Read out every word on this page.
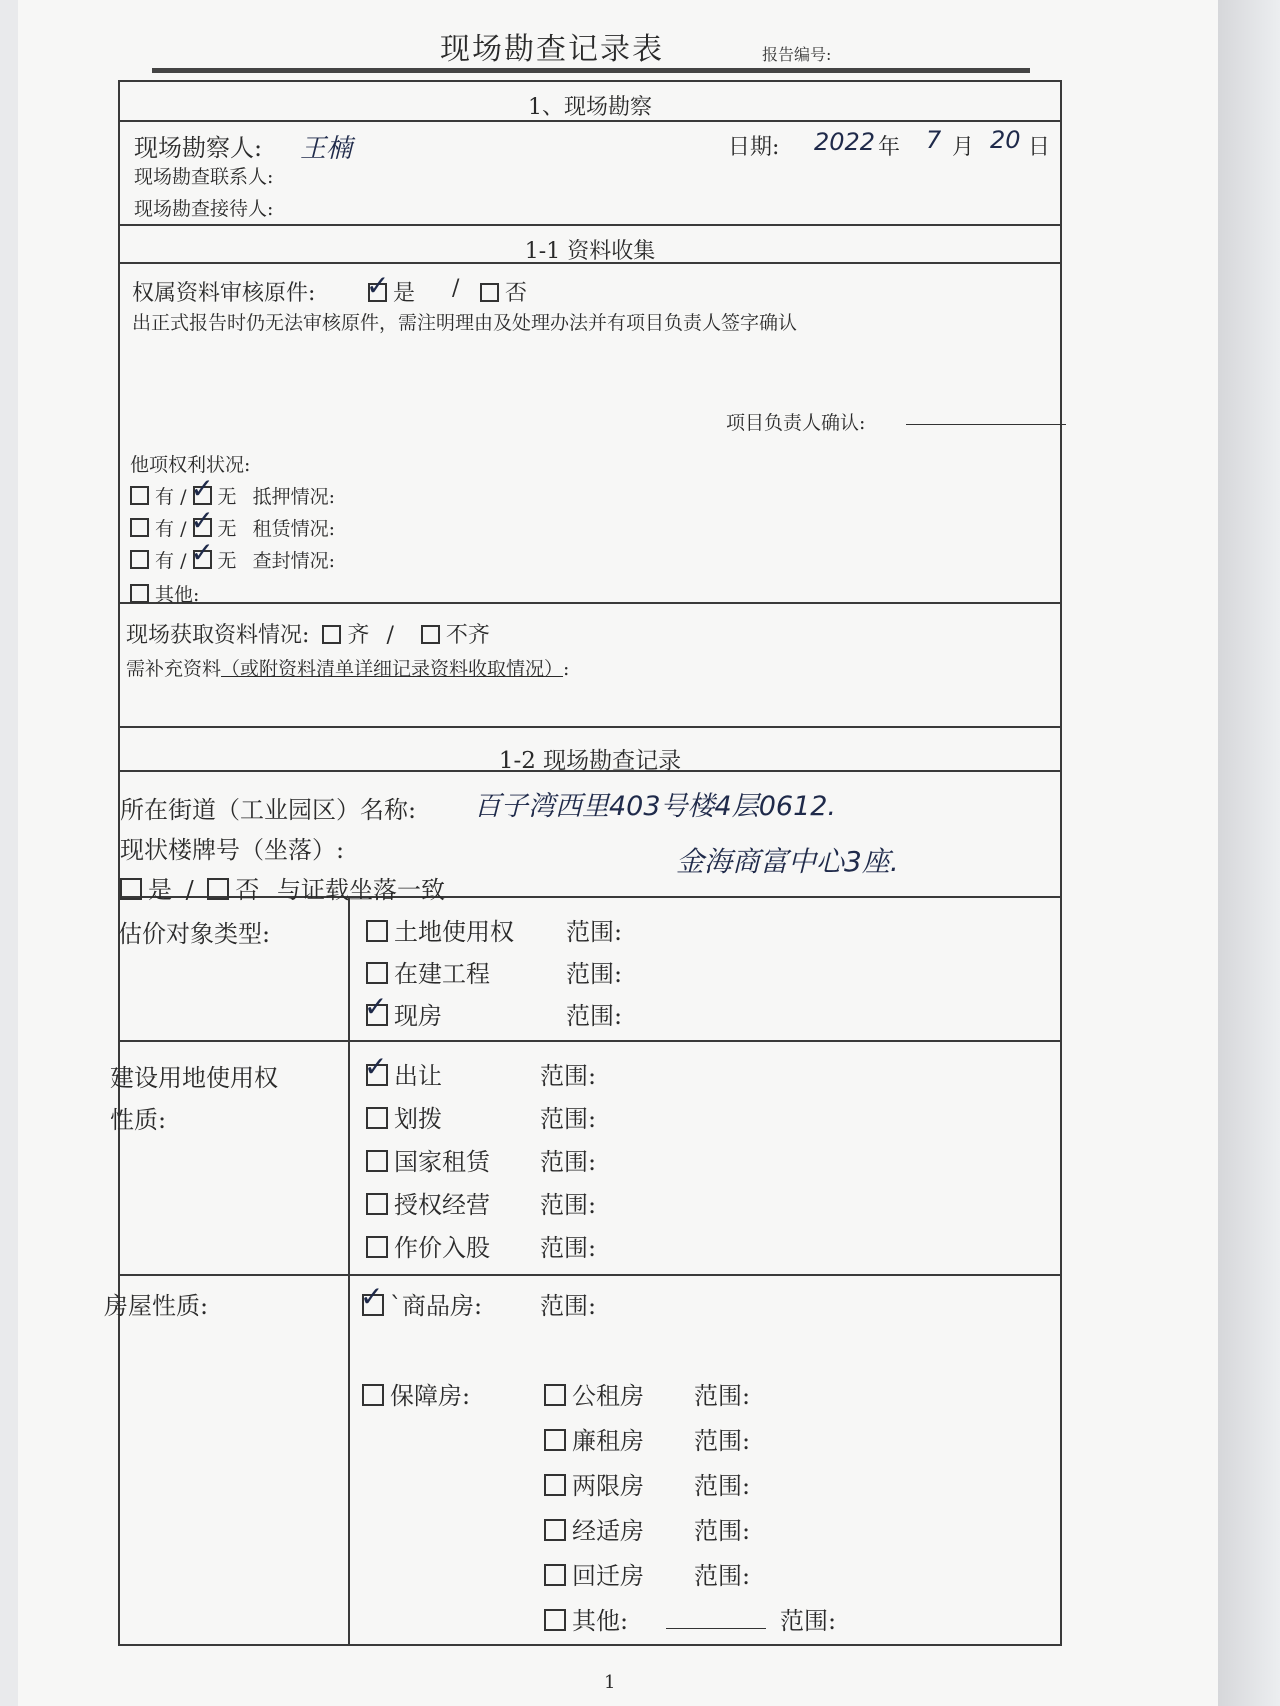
现场勘查记录表	报告编号:
1、现场勘察
现场勘察人: 王楠	日期: 2022 年 7 月 20 日
现场勘查联系人:
现场勘查接待人:
1-1 资料收集
权属资料审核原件: ✓	是 /	否
出正式报告时仍无法审核原件，需注明理由及处理办法并有项目负责人签字确认
项目负责人确认:
他项权利状况:
有 / ✓ 无 抵押情况:
有 / ✓ 无 租赁情况:
有 / ✓ 无 查封情况:
其他:
现场获取资料情况: 齐 / 不齐
需补充资料（或附资料清单详细记录资料收取情况）:
1-2 现场勘查记录
所在街道（工业园区）名称: 百子湾西里403号楼4层0612.
现状楼牌号（坐落）:	金海商富中心3座.
是 / 否 与证载坐落一致
估价对象类型:	土地使用权 范围:
在建工程	范围:
✓现房	范围:
建设用地使用权
性质:
✓出让	范围:
划拨	范围:
国家租赁 范围:
授权经营 范围:
作价入股 范围:
房屋性质: ✓	`商品房: 范围:
保障房:	公租房 范围:
廉租房 范围:
两限房 范围:
经适房 范围:
回迁房 范围:
其他:	范围:
1
